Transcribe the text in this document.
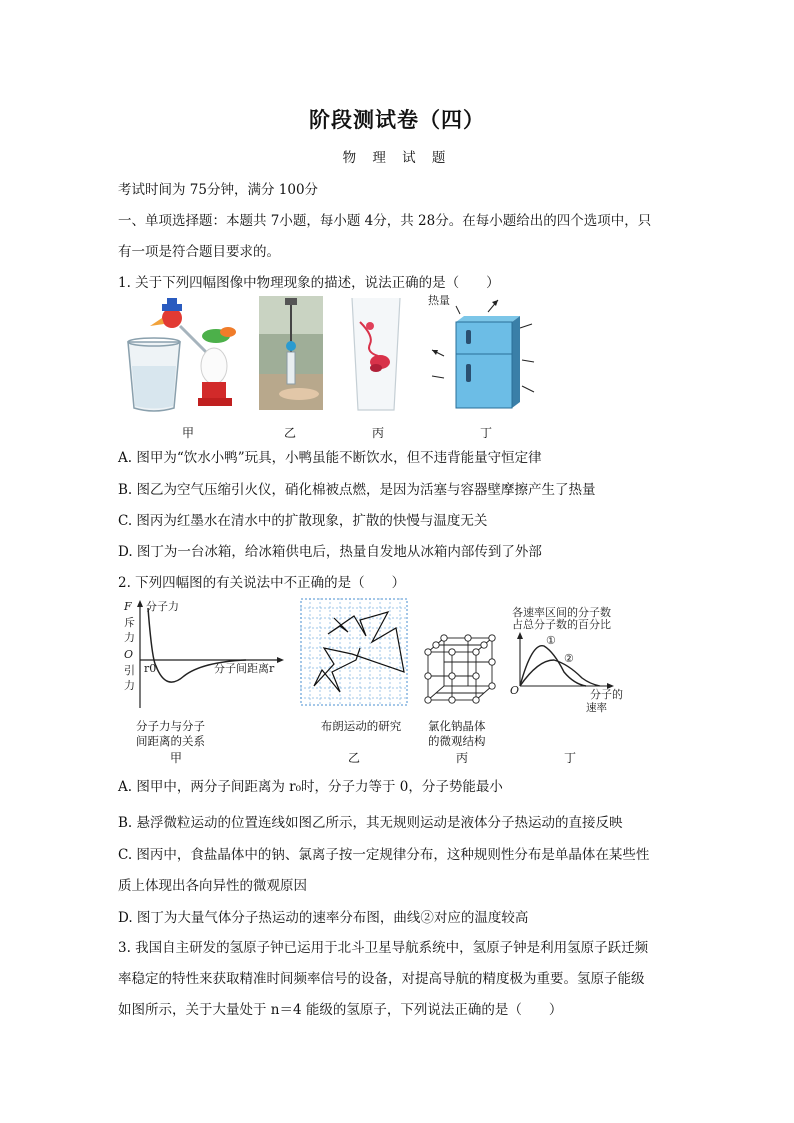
阶段测试卷（四）
物 理 试 题
考试时间为 75分钟，满分 100分
一、单项选择题：本题共 7小题，每小题 4分，共 28分。在每小题给出的四个选项中，只
有一项是符合题目要求的。
1. 关于下列四幅图像中物理现象的描述，说法正确的是（　　）
热量
甲	乙	丙	丁
A. 图甲为“饮水小鸭”玩具，小鸭虽能不断饮水，但不违背能量守恒定律
B. 图乙为空气压缩引火仪，硝化棉被点燃，是因为活塞与容器壁摩擦产生了热量
C. 图丙为红墨水在清水中的扩散现象，扩散的快慢与温度无关
D. 图丁为一台冰箱，给冰箱供电后，热量自发地从冰箱内部传到了外部
2. 下列四幅图的有关说法中不正确的是（　　）
F 分子力
斥
力
O
引
力
r0	分子间距离r
分子力与分子
间距离的关系
甲
布朗运动的研究
乙
氯化钠晶体
的微观结构
丙
各速率区间的分子数
占总分子数的百分比
①
②
O	分子的
速率
丁
A. 图甲中，两分子间距离为 r₀时，分子力等于 0，分子势能最小
B. 悬浮微粒运动的位置连线如图乙所示，其无规则运动是液体分子热运动的直接反映
C. 图丙中，食盐晶体中的钠、氯离子按一定规律分布，这种规则性分布是单晶体在某些性
质上体现出各向异性的微观原因
D. 图丁为大量气体分子热运动的速率分布图，曲线②对应的温度较高
3. 我国自主研发的氢原子钟已运用于北斗卫星导航系统中，氢原子钟是利用氢原子跃迁频
率稳定的特性来获取精准时间频率信号的设备，对提高导航的精度极为重要。氢原子能级
如图所示，关于大量处于 n＝4 能级的氢原子，下列说法正确的是（　　）
